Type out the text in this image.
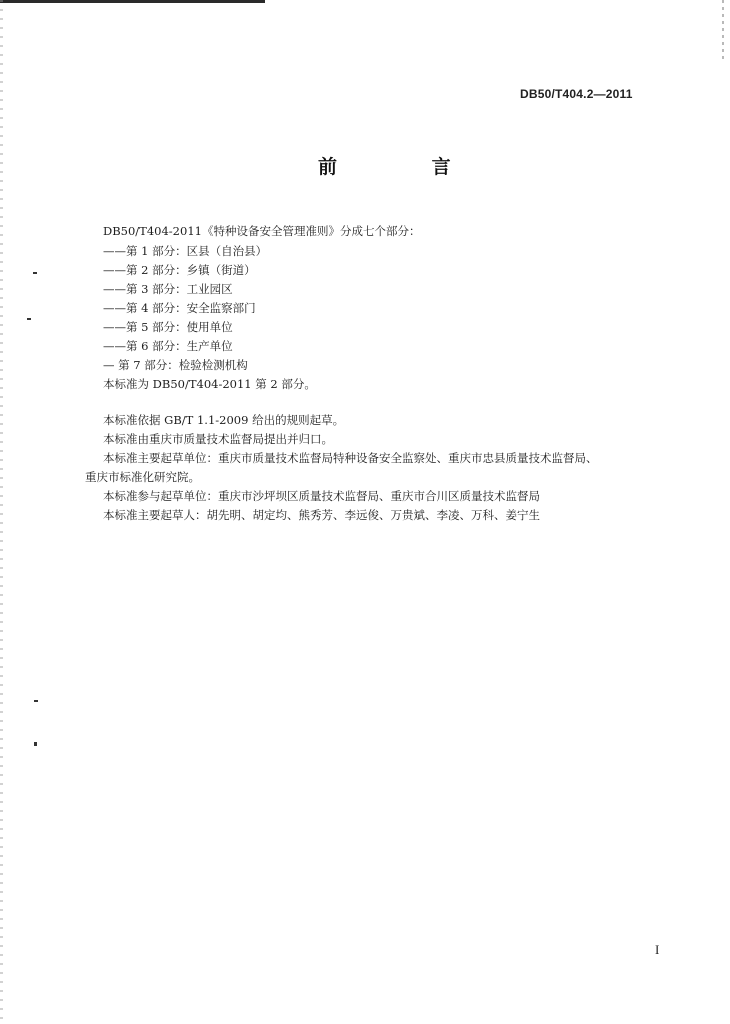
DB50/T404.2—2011
前 言
DB50/T404-2011《特种设备安全管理准则》分成七个部分：
——第 1 部分：区县（自治县）
——第 2 部分：乡镇（街道）
——第 3 部分：工业园区
——第 4 部分：安全监察部门
——第 5 部分：使用单位
——第 6 部分：生产单位
— 第 7 部分：检验检测机构
本标准为 DB50/T404-2011 第 2 部分。
本标准依据 GB/T 1.1-2009 给出的规则起草。
本标准由重庆市质量技术监督局提出并归口。
本标准主要起草单位：重庆市质量技术监督局特种设备安全监察处、重庆市忠县质量技术监督局、
重庆市标准化研究院。
本标准参与起草单位：重庆市沙坪坝区质量技术监督局、重庆市合川区质量技术监督局
本标准主要起草人：胡先明、胡定均、熊秀芳、李远俊、万贵斌、李凌、万科、姜宁生
I
